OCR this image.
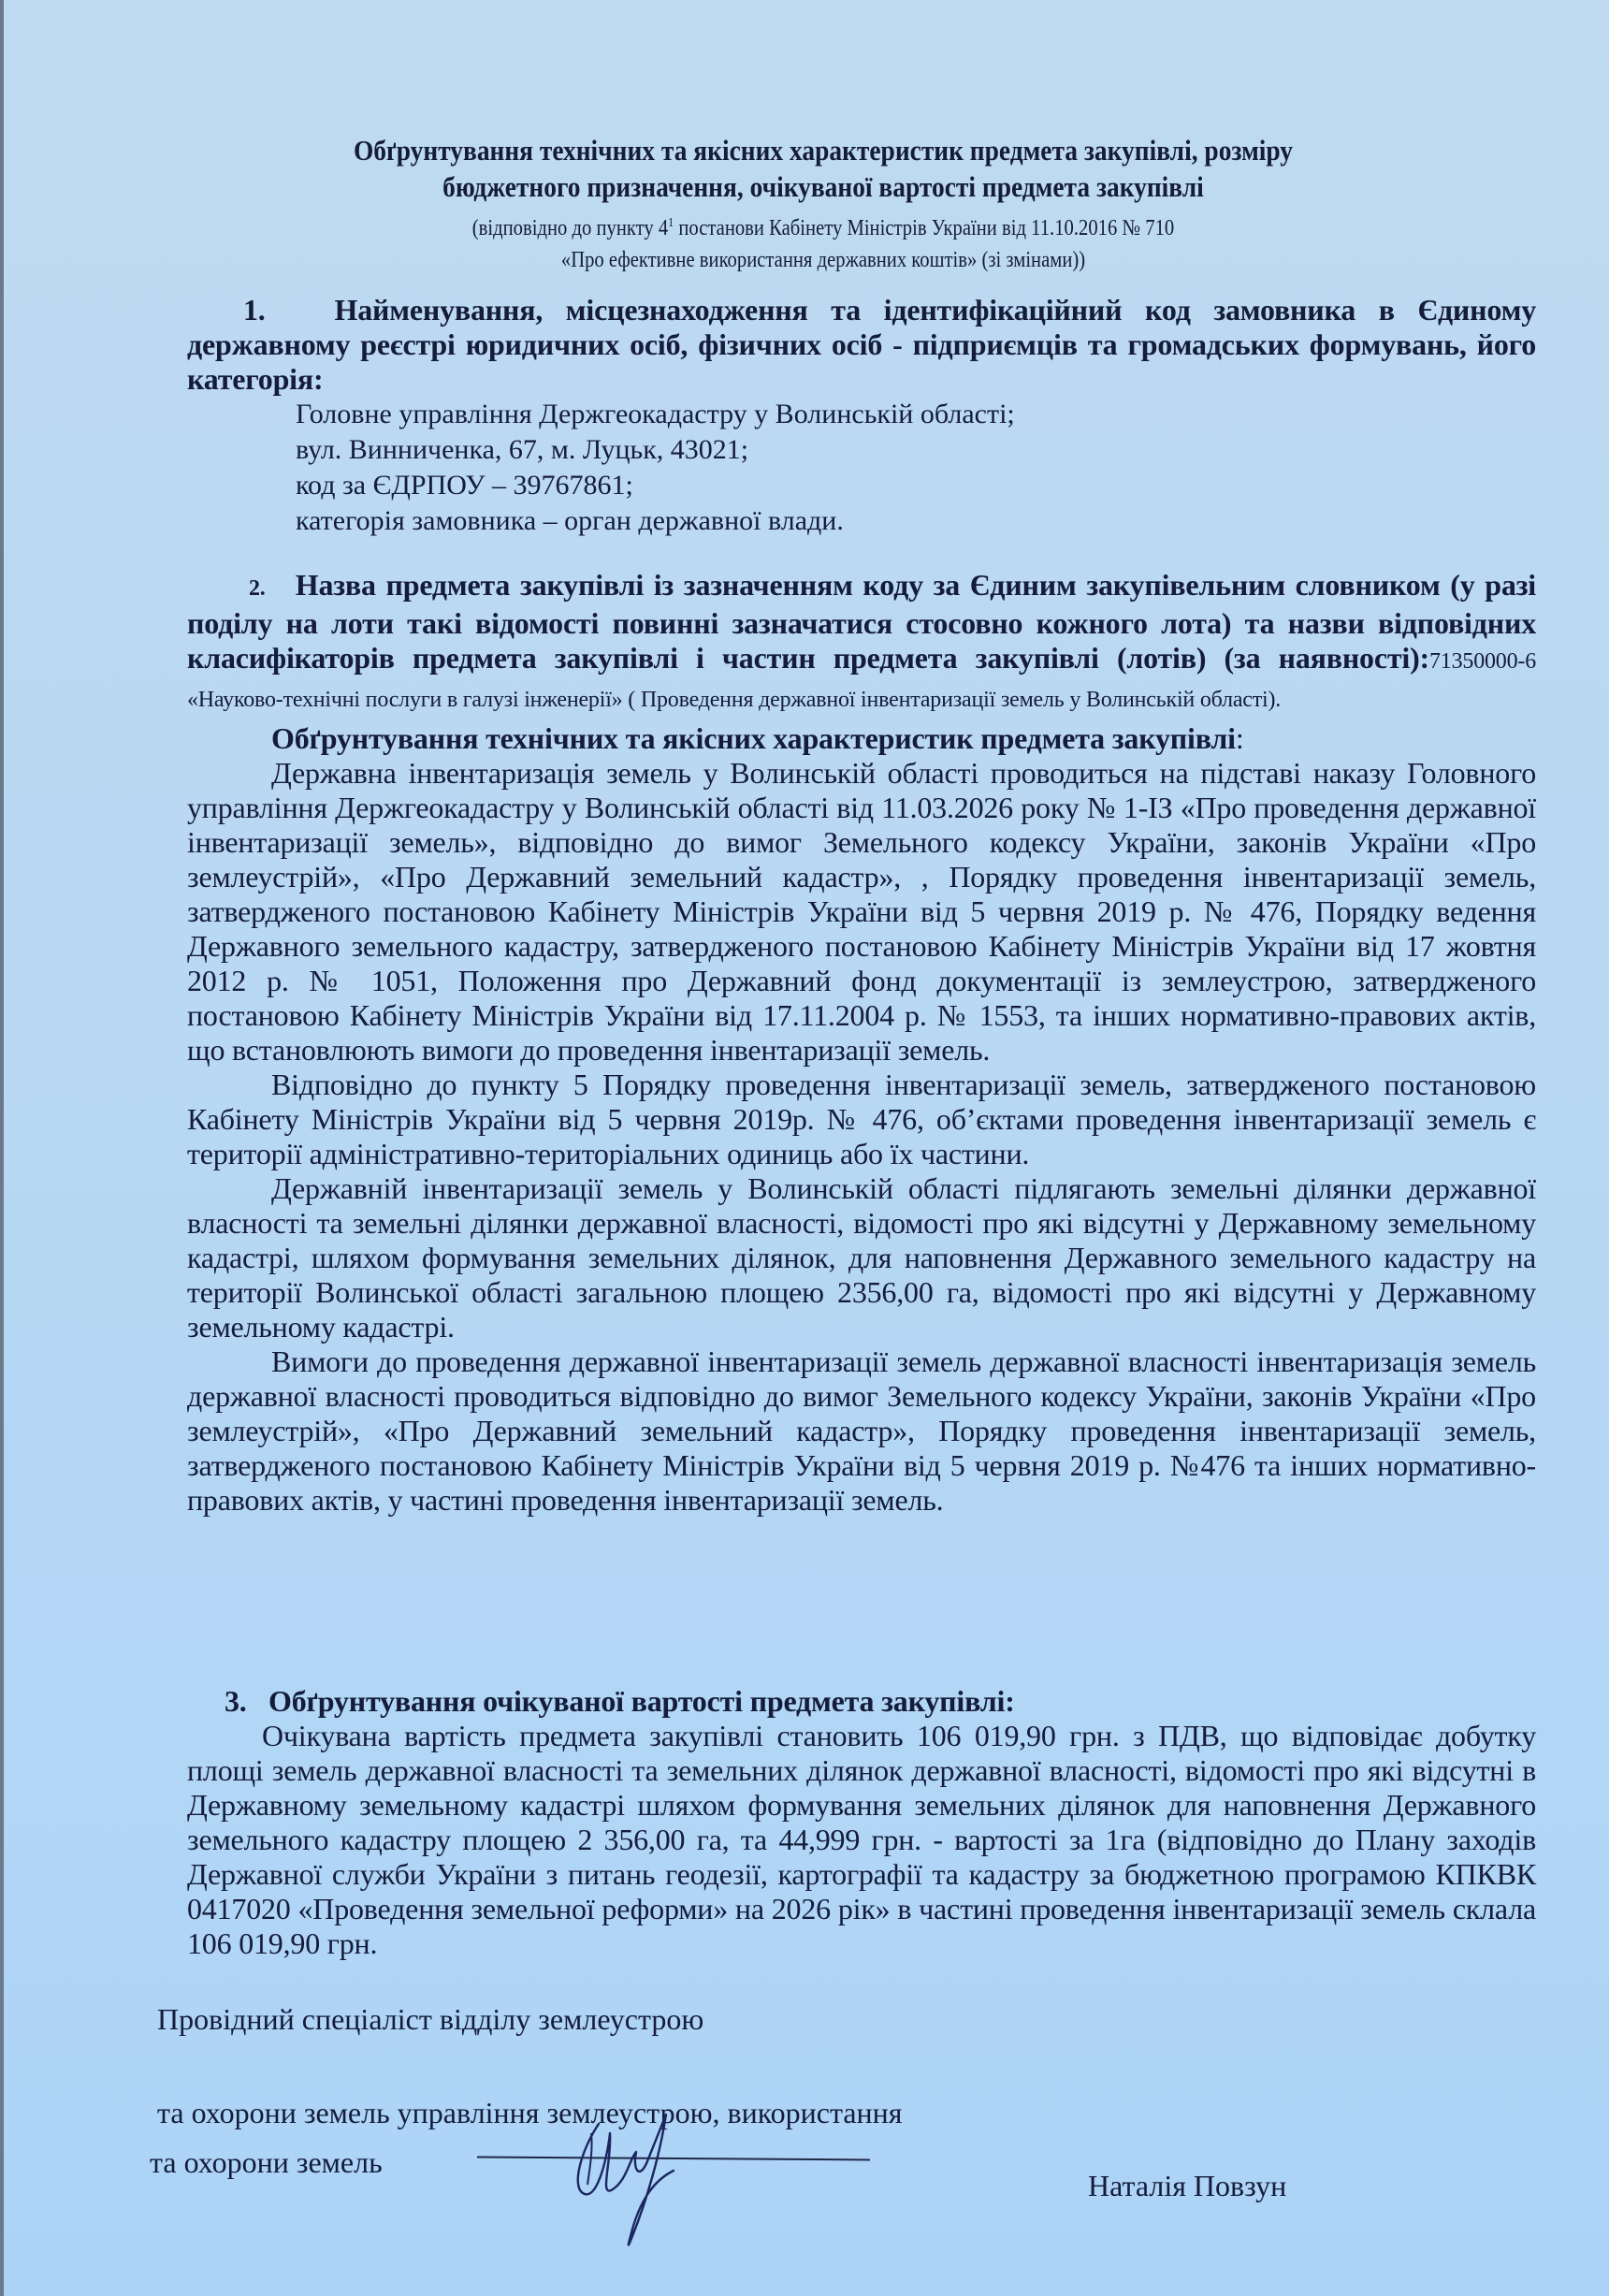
Обґрунтування технічних та якісних характеристик предмета закупівлі, розміру
бюджетного призначення, очікуваної вартості предмета закупівлі
(відповідно до пункту $4^1$ постанови Кабінету Міністрів України від 11.10.2016 № 710
«Про ефективне використання державних коштів» (зі змінами))

1. Найменування, місцезнаходження та ідентифікаційний код замовника в Єдиному державному реєстрі юридичних осіб, фізичних осіб - підприємців та громадських формувань, його категорія:

Головне управління Держгеокадастру у Волинській області;
вул. Винниченка, 67, м. Луцьк, 43021;
код за ЄДРПОУ – 39767861;
категорія замовника – орган державної влади.

2. Назва предмета закупівлі із зазначенням коду за Єдиним закупівельним словником (у разі поділу на лоти такі відомості повинні зазначатися стосовно кожного лота) та назви відповідних класифікаторів предмета закупівлі і частин предмета закупівлі (лотів) (за наявності):71350000-6 «Науково-технічні послуги в галузі інженерії» ( Проведення державної інвентаризації земель у Волинській області).

Обґрунтування технічних та якісних характеристик предмета закупівлі:

Державна інвентаризація земель у Волинській області проводиться на підставі наказу Головного управління Держгеокадастру у Волинській області від 11.03.2026 року № 1-ІЗ «Про проведення державної інвентаризації земель», відповідно до вимог Земельного кодексу України, законів України «Про землеустрій», «Про Державний земельний кадастр», , Порядку проведення інвентаризації земель, затвердженого постановою Кабінету Міністрів України від 5 червня 2019 р. № 476, Порядку ведення Державного земельного кадастру, затвердженого постановою Кабінету Міністрів України від 17 жовтня 2012 р. № 1051, Положення про Державний фонд документації із землеустрою, затвердженого постановою Кабінету Міністрів України від 17.11.2004 р. № 1553, та інших нормативно-правових актів, що встановлюють вимоги до проведення інвентаризації земель.

Відповідно до пункту 5 Порядку проведення інвентаризації земель, затвердженого постановою Кабінету Міністрів України від 5 червня 2019р. № 476, об’єктами проведення інвентаризації земель є території адміністративно-територіальних одиниць або їх частини.

Державній інвентаризації земель у Волинській області підлягають земельні ділянки державної власності та земельні ділянки державної власності, відомості про які відсутні у Державному земельному кадастрі, шляхом формування земельних ділянок, для наповнення Державного земельного кадастру на території Волинської області загальною площею 2356,00 га, відомості про які відсутні у Державному земельному кадастрі.

Вимоги до проведення державної інвентаризації земель державної власності інвентаризація земель державної власності проводиться відповідно до вимог Земельного кодексу України, законів України «Про землеустрій», «Про Державний земельний кадастр», Порядку проведення інвентаризації земель, затвердженого постановою Кабінету Міністрів України від 5 червня 2019 р. №476 та інших нормативно-правових актів, у частині проведення інвентаризації земель.

3. Обґрунтування очікуваної вартості предмета закупівлі:

Очікувана вартість предмета закупівлі становить 106 019,90 грн. з ПДВ, що відповідає добутку площі земель державної власності та земельних ділянок державної власності, відомості про які відсутні в Державному земельному кадастрі шляхом формування земельних ділянок для наповнення Державного земельного кадастру площею 2 356,00 га, та 44,999 грн. - вартості за 1га (відповідно до Плану заходів Державної служби України з питань геодезії, картографії та кадастру за бюджетною програмою КПКВК 0417020 «Проведення земельної реформи» на 2026 рік» в частині проведення інвентаризації земель склала 106 019,90 грн.

Провідний спеціаліст відділу землеустрою
та охорони земель управління землеустрою, використання
та охорони земель
Наталія Повзун
